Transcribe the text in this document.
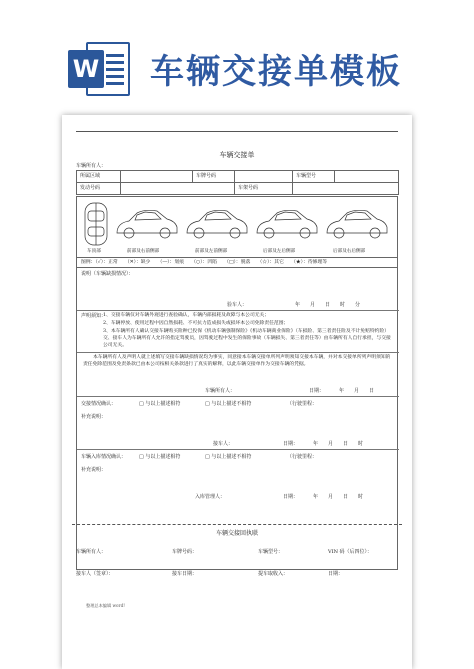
W 车辆交接单模板
车辆交接单
车辆所有人：
所属区域		车牌号码		车辆型号	
发动号码			车架号码		
车顶部	前部及右前侧部	前部及左前侧部	后部及左后侧部	后部及右后侧部
图例：（✓）：正常　　（✕）：缺少　　（―）：划痕　　（○）：凹陷　　（□）：脱落　　（☆）：其它　　（★）：待修理等
说明（车辆缺损情况）：
验车人：	年　　月　　日　　时　　分
声明须知：
1、交接车辆仅对车辆外观进行查验确认，车辆内部损耗及故障与本公司无关；
2、车辆停放、使用过程中因自然损耗、不可抗力造成损失或损坏本公司免除责任范围；
3、本车辆所有人确认交接车辆购买险种已投保《机动车辆强制保险》《机动车辆商业保险》（车损险、第三者责任险及不计免赔特约险）交、接车人为车辆所有人允许的指定驾驶员，因驾驶过程中发生的保险事故（车辆损失、第三者责任等）由车辆所有人自行承担，与交接公司无关。
本车辆所有人及声明人就上述填写交接车辆缺损情况均为事实，同意接本车辆交接单所列声明须知交接本车辆，并对本交接单所列声明须知的责任免除范围及免责条款已由本公司按相关条款进行了真实的解释，以此车辆交接单作为交接车辆的凭据。
车辆所有人：	日期：	年　　月　　日
交接情况确认：	□ 与以上描述相符	□ 与以上描述不相符	（行驶里程：
补充说明：
接车人：	日期：	年　　月　　日　　时
车辆入库情况确认：	□ 与以上描述相符	□ 与以上描述不相符	（行驶里程：
补充说明：
入库管理人：	日期：	年　　月　　日　　时
车辆交接回执联
车辆所有人：	车牌号码：	车辆型号：	VIN 码（后四位）：
接车人（签章）：	接车日期：	提车取收入：	日期：
整理总本编辑 word!
